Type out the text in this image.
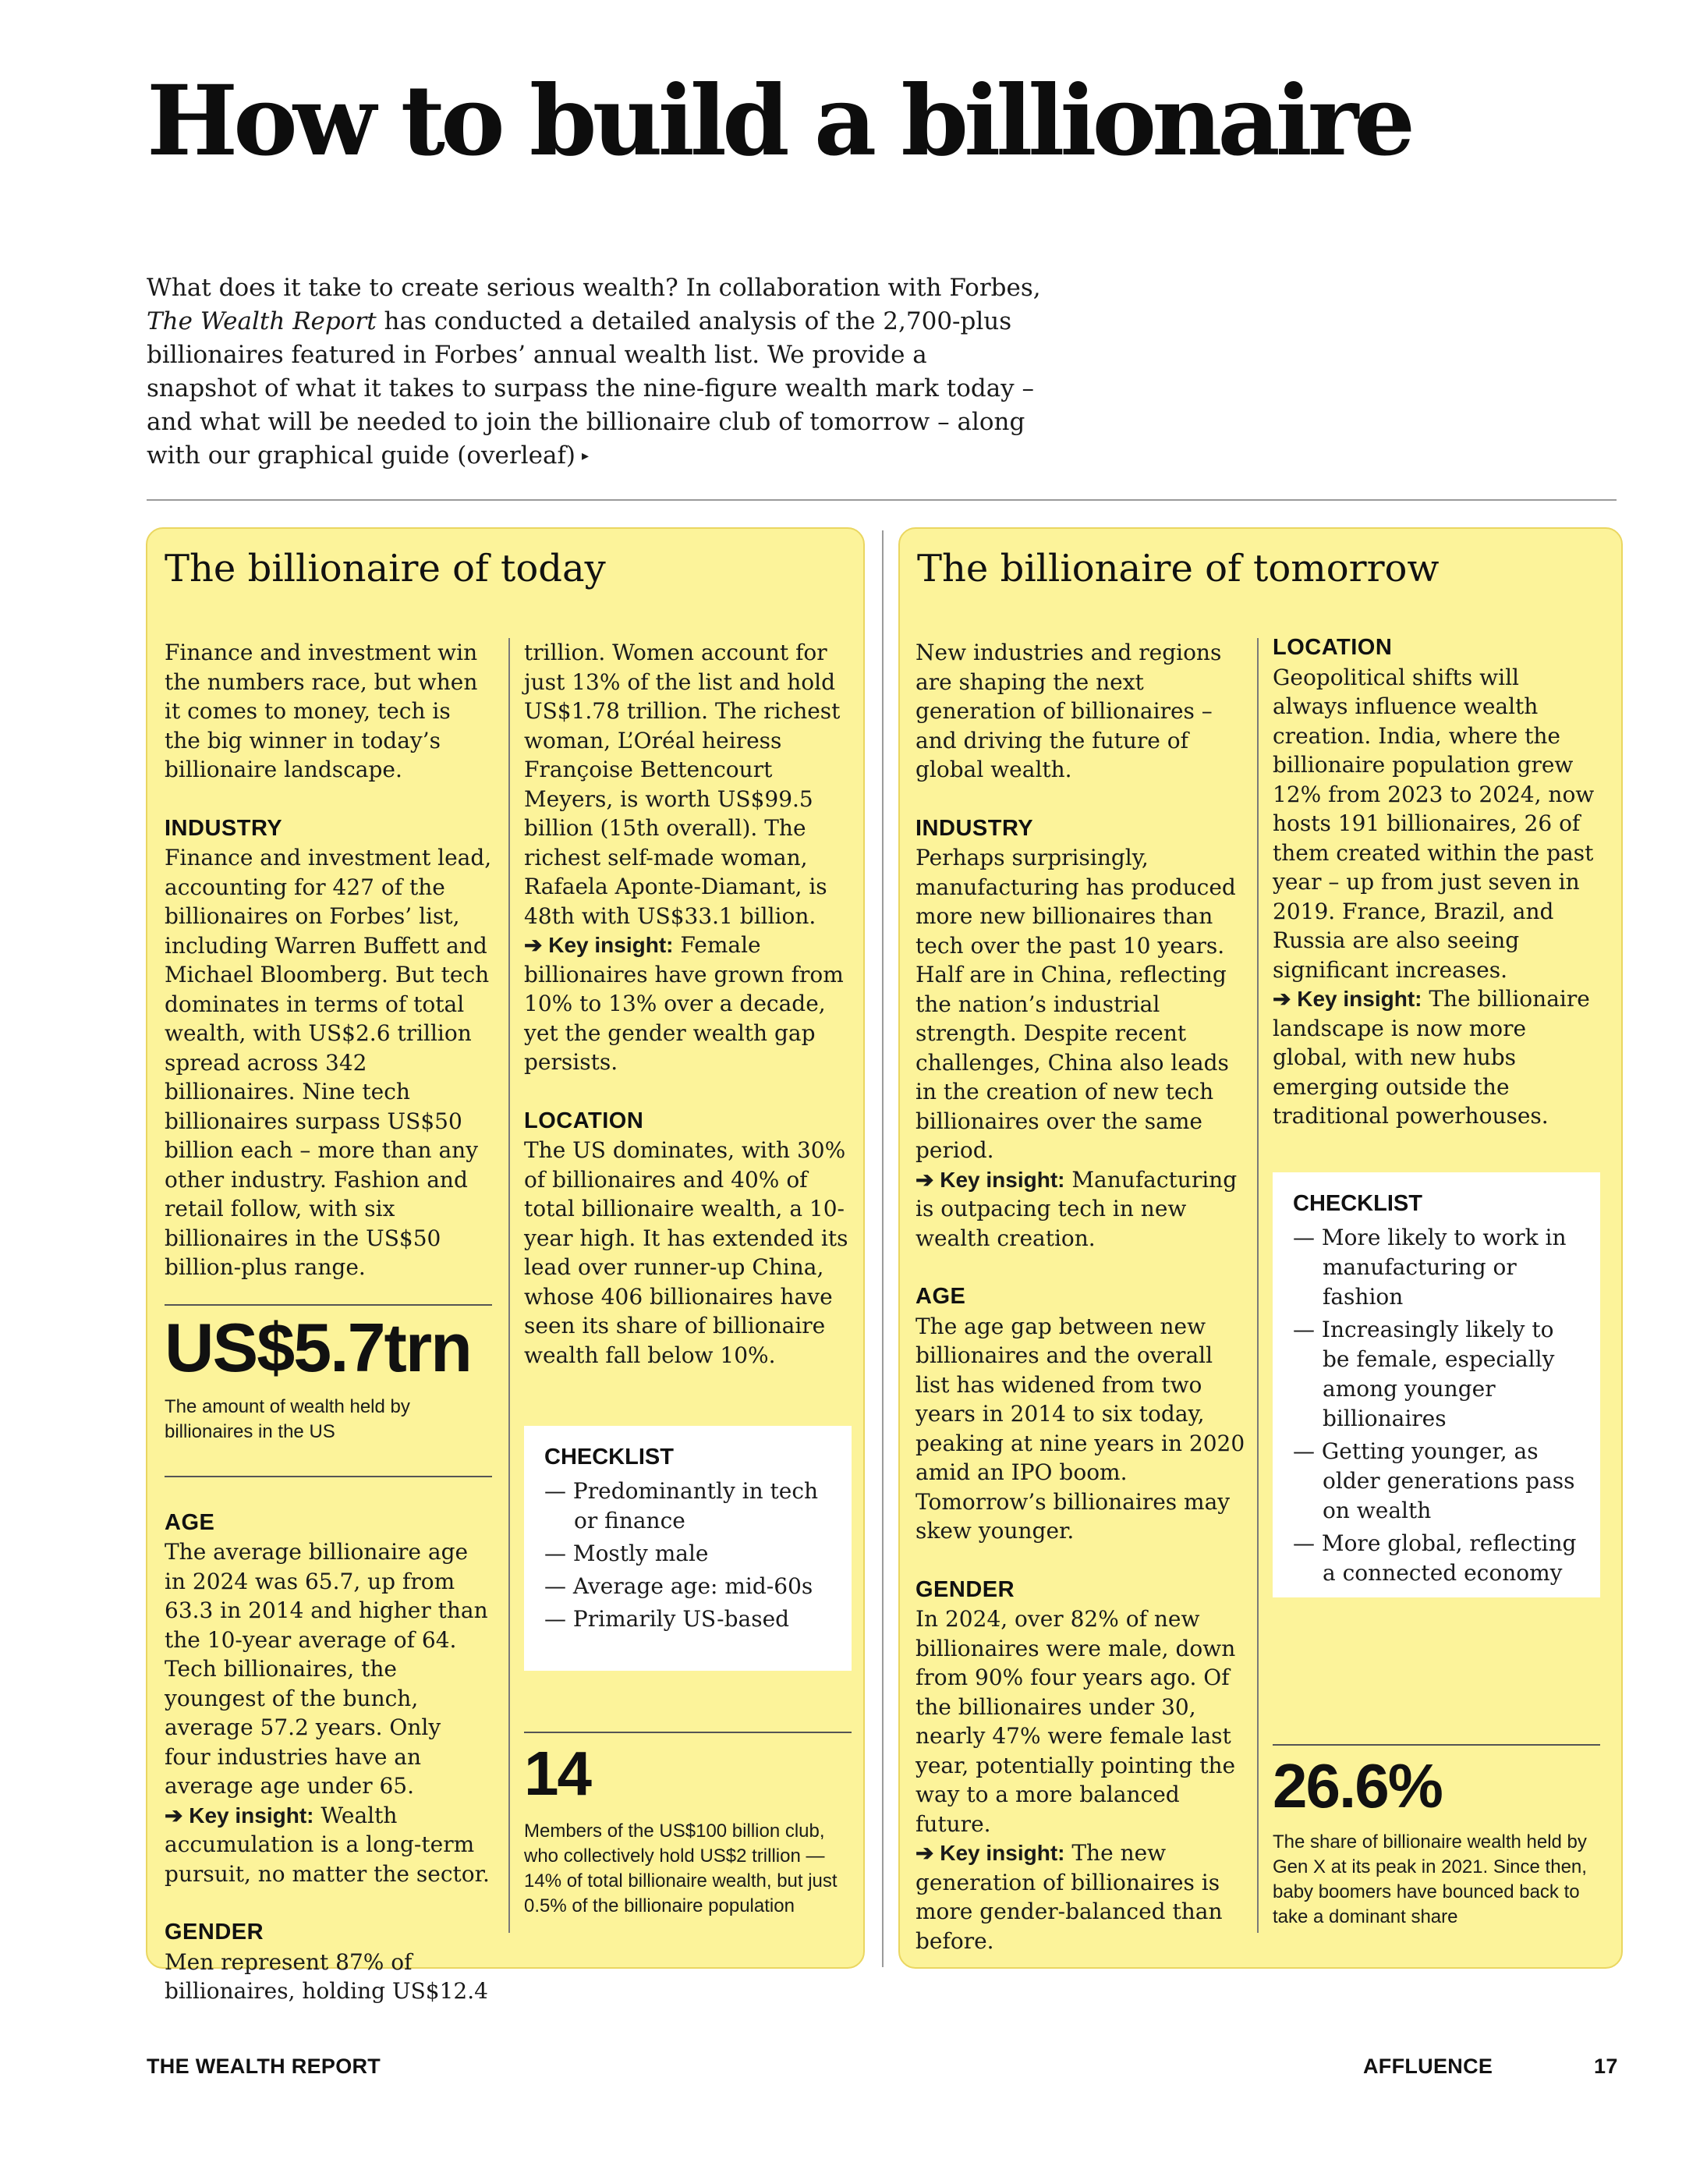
How to build a billionaire
What does it take to create serious wealth? In collaboration with Forbes, The Wealth Report has conducted a detailed analysis of the 2,700-plus billionaires featured in Forbes’ annual wealth list. We provide a snapshot of what it takes to surpass the nine-figure wealth mark today – and what will be needed to join the billionaire club of tomorrow – along with our graphical guide (overleaf) ▸
The billionaire of today

Finance and investment win the numbers race, but when it comes to money, tech is the big winner in today’s billionaire landscape.

INDUSTRY

Finance and investment lead, accounting for 427 of the billionaires on Forbes’ list, including Warren Buffett and Michael Bloomberg. But tech dominates in terms of total wealth, with US$2.6 trillion spread across 342 billionaires. Nine tech billionaires surpass US$50 billion each – more than any other industry. Fashion and retail follow, with six billionaires in the US$50 billion-plus range.

US$5.7trn
The amount of wealth held by billionaires in the US

AGE

The average billionaire age in 2024 was 65.7, up from 63.3 in 2014 and higher than the 10-year average of 64. Tech billionaires, the youngest of the bunch, average 57.2 years. Only four industries have an average age under 65.
➔ Key insight: Wealth accumulation is a long-term pursuit, no matter the sector.

GENDER

Men represent 87% of billionaires, holding US$12.4

trillion. Women account for just 13% of the list and hold US$1.78 trillion. The richest woman, L’Oréal heiress Françoise Bettencourt Meyers, is worth US$99.5 billion (15th overall). The richest self-made woman, Rafaela Aponte-Diamant, is 48th with US$33.1 billion.
➔ Key insight: Female billionaires have grown from 10% to 13% over a decade, yet the gender wealth gap persists.

LOCATION

The US dominates, with 30% of billionaires and 40% of total billionaire wealth, a 10-year high. It has extended its lead over runner-up China, whose 406 billionaires have seen its share of billionaire wealth fall below 10%.

CHECKLIST
— Predominantly in tech or finance
— Mostly male
— Average age: mid-60s
— Primarily US-based
14
Members of the US$100 billion club, who collectively hold US$2 trillion — 14% of total billionaire wealth, but just 0.5% of the billionaire population
The billionaire of tomorrow

New industries and regions are shaping the next generation of billionaires – and driving the future of global wealth.

INDUSTRY

Perhaps surprisingly, manufacturing has produced more new billionaires than tech over the past 10 years. Half are in China, reflecting the nation’s industrial strength. Despite recent challenges, China also leads in the creation of new tech billionaires over the same period.
➔ Key insight: Manufacturing is outpacing tech in new wealth creation.

AGE

The age gap between new billionaires and the overall list has widened from two years in 2014 to six today, peaking at nine years in 2020 amid an IPO boom. Tomorrow’s billionaires may skew younger.

GENDER

In 2024, over 82% of new billionaires were male, down from 90% four years ago. Of the billionaires under 30, nearly 47% were female last year, potentially pointing the way to a more balanced future.
➔ Key insight: The new generation of billionaires is more gender-balanced than before.

LOCATION

Geopolitical shifts will always influence wealth creation. India, where the billionaire population grew 12% from 2023 to 2024, now hosts 191 billionaires, 26 of them created within the past year – up from just seven in 2019. France, Brazil, and Russia are also seeing significant increases.
➔ Key insight: The billionaire landscape is now more global, with new hubs emerging outside the traditional powerhouses.

CHECKLIST
— More likely to work in manufacturing or fashion
— Increasingly likely to be female, especially among younger billionaires
— Getting younger, as older generations pass on wealth
— More global, reflecting a connected economy
26.6%
The share of billionaire wealth held by Gen X at its peak in 2021. Since then, baby boomers have bounced back to take a dominant share
THE WEALTH REPORT	AFFLUENCE	17
